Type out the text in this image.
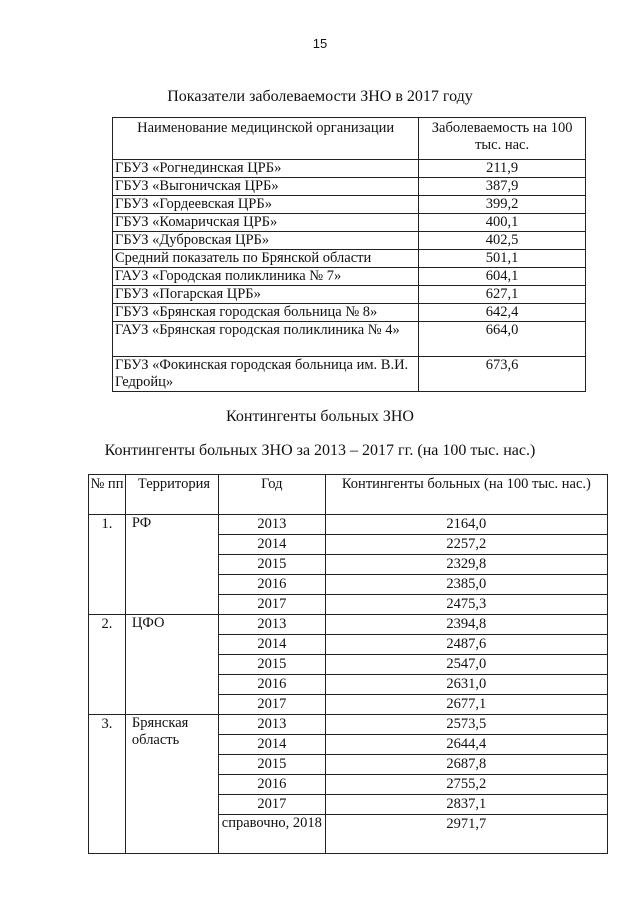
15
Показатели заболеваемости ЗНО в 2017 году
Наименование медицинской организации	Заболеваемость на 100 тыс. нас.
ГБУЗ «Рогнединская ЦРБ»	211,9
ГБУЗ «Выгоничская ЦРБ»	387,9
ГБУЗ «Гордеевская ЦРБ»	399,2
ГБУЗ «Комаричская ЦРБ»	400,1
ГБУЗ «Дубровская ЦРБ»	402,5
Средний показатель по Брянской области	501,1
ГАУЗ «Городская поликлиника № 7»	604,1
ГБУЗ «Погарская ЦРБ»	627,1
ГБУЗ «Брянская городская больница № 8»	642,4
ГАУЗ «Брянская городская поликлиника № 4»	664,0
ГБУЗ «Фокинская городская больница им. В.И. Гедройц»	673,6
Контингенты больных ЗНО
Контингенты больных ЗНО за 2013 – 2017 гг. (на 100 тыс. нас.)
№ пп	Территория	Год	Контингенты больных (на 100 тыс. нас.)
1.	РФ	2013	2164,0
		2014	2257,2
		2015	2329,8
		2016	2385,0
		2017	2475,3
2.	ЦФО	2013	2394,8
		2014	2487,6
		2015	2547,0
		2016	2631,0
		2017	2677,1
3.	Брянская область	2013	2573,5
		2014	2644,4
		2015	2687,8
		2016	2755,2
		2017	2837,1
		справочно, 2018	2971,7
